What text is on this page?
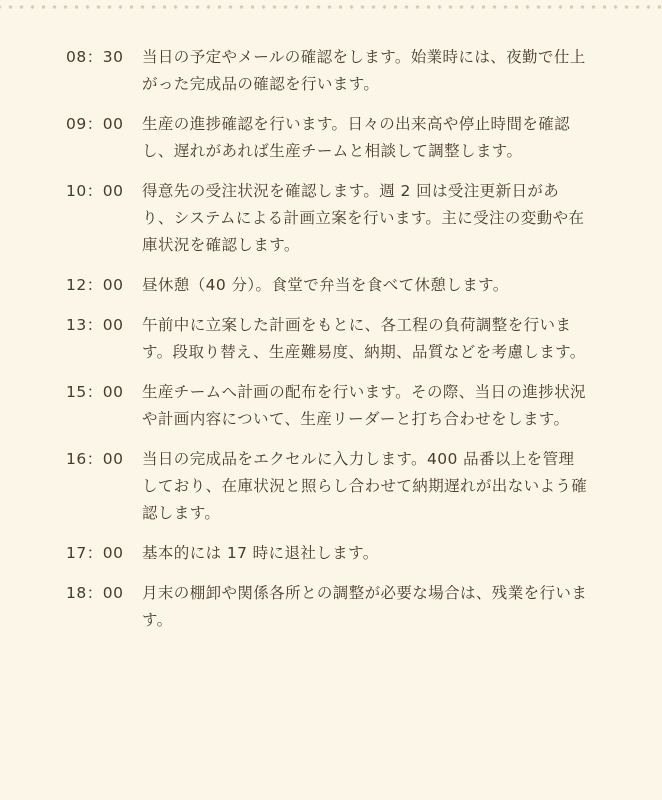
08：30	当日の予定やメールの確認をします。始業時には、夜勤で仕上がった完成品の確認を行います。
09：00	生産の進捗確認を行います。日々の出来高や停止時間を確認し、遅れがあれば生産チームと相談して調整します。
10：00	得意先の受注状況を確認します。週 2 回は受注更新日があり、システムによる計画立案を行います。主に受注の変動や在庫状況を確認します。
12：00	昼休憩（40 分）。食堂で弁当を食べて休憩します。
13：00	午前中に立案した計画をもとに、各工程の負荷調整を行います。段取り替え、生産難易度、納期、品質などを考慮します。
15：00	生産チームへ計画の配布を行います。その際、当日の進捗状況や計画内容について、生産リーダーと打ち合わせをします。
16：00	当日の完成品をエクセルに入力します。400 品番以上を管理しており、在庫状況と照らし合わせて納期遅れが出ないよう確認します。
17：00	基本的には 17 時に退社します。
18：00	月末の棚卸や関係各所との調整が必要な場合は、残業を行います。
